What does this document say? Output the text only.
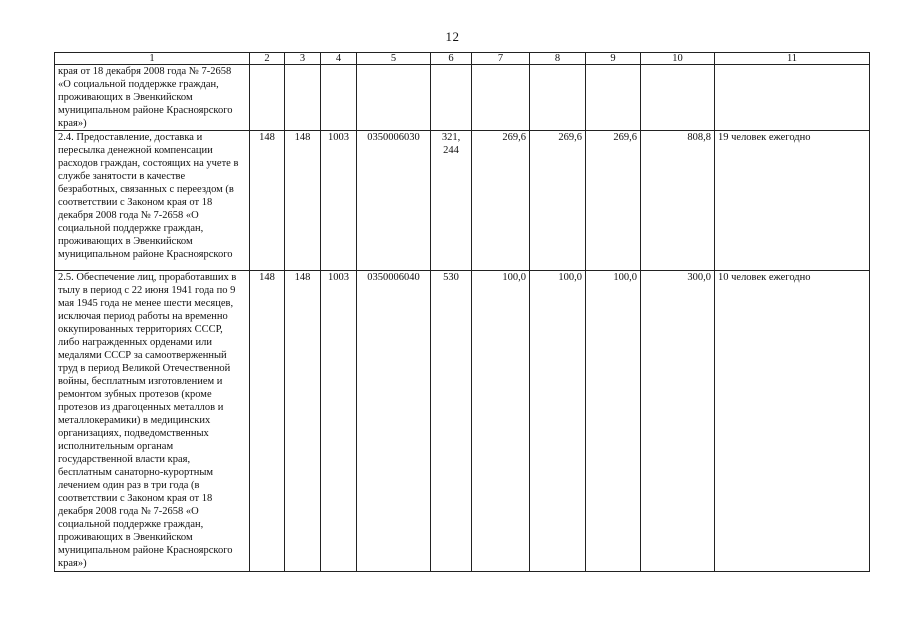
12
1	2	3	4	5	6	7	8	9	10	11
края от 18 декабря 2008 года № 7-2658 «О социальной поддержке граждан, проживающих в Эвенкийском муниципальном районе Красноярского края»)										
2.4. Предоставление, доставка и пересылка денежной компенсации расходов граждан, состоящих на учете в службе занятости в качестве безработных, связанных с переездом (в соответствии с Законом края от 18 декабря 2008 года № 7-2658 «О социальной поддержке граждан, проживающих в Эвенкийском муниципальном районе Красноярского	148	148	1003	0350006030	321, 244	269,6	269,6	269,6	808,8	19 человек ежегодно
2.5. Обеспечение лиц, проработавших в тылу в период с 22 июня 1941 года по 9 мая 1945 года не менее шести месяцев, исключая период работы на временно оккупированных территориях СССР, либо награжденных орденами или медалями СССР за самоотверженный труд в период Великой Отечественной войны, бесплатным изготовлением и ремонтом зубных протезов (кроме протезов из драгоценных металлов и металлокерамики) в медицинских организациях, подведомственных исполнительным органам государственной власти края, бесплатным санаторно-курортным лечением один раз в три года (в соответствии с Законом края от 18 декабря 2008 года № 7-2658 «О социальной поддержке граждан, проживающих в Эвенкийском муниципальном районе Красноярского края»)	148	148	1003	0350006040	530	100,0	100,0	100,0	300,0	10 человек ежегодно
